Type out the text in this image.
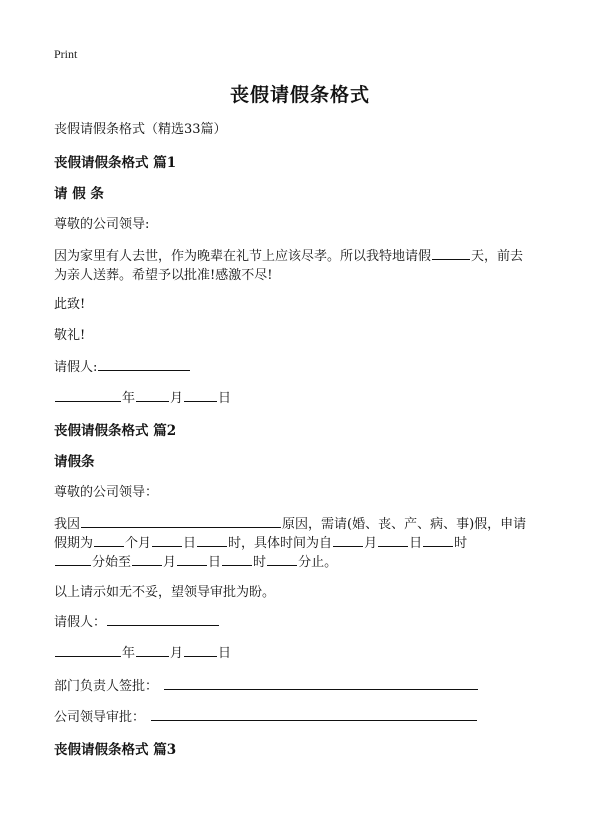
Print
丧假请假条格式
丧假请假条格式（精选33篇）
丧假请假条格式 篇1
请 假 条
尊敬的公司领导:
因为家里有人去世，作为晚辈在礼节上应该尽孝。所以我特地请假	天，前去
为亲人送葬。希望予以批准!感激不尽!
此致!
敬礼!
请假人:
年	月	日
丧假请假条格式 篇2
请假条
尊敬的公司领导：
我因	原因，需请(婚、丧、产、病、事)假，申请
假期为 个月 日 时，具体时间为自 月 日 时
分始至 月 日 时 分止。
以上请示如无不妥，望领导审批为盼。
请假人：
年	月	日
部门负责人签批：
公司领导审批：
丧假请假条格式 篇3
